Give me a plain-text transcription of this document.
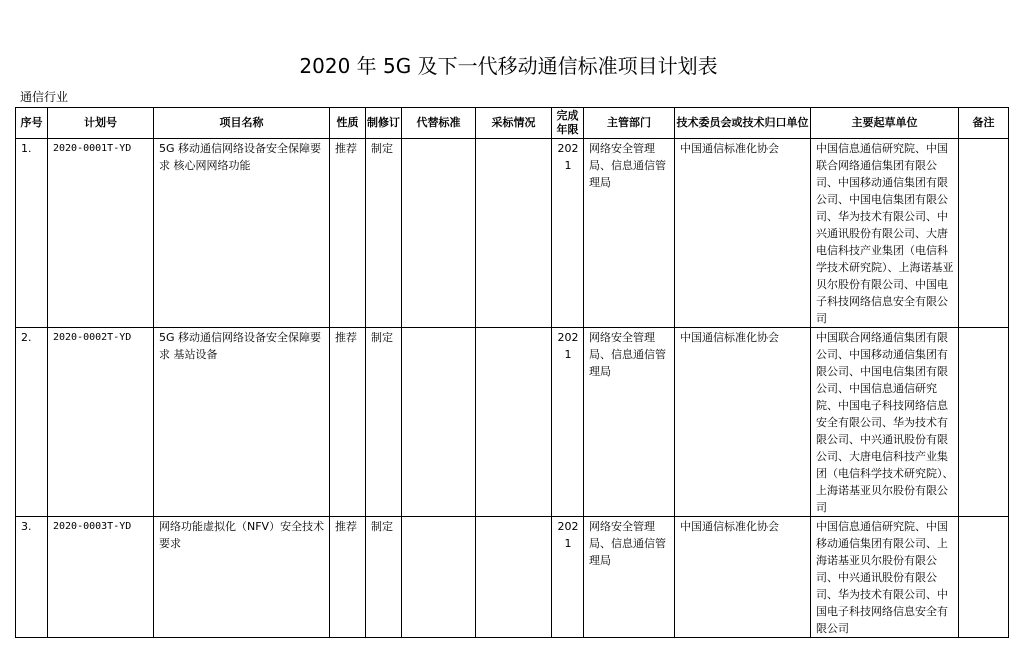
2020 年 5G 及下一代移动通信标准项目计划表
通信行业
序号	计划号	项目名称	性质	制修订	代替标准	采标情况	完成年限	主管部门	技术委员会或技术归口单位	主要起草单位	备注

1.	2020-0001T-YD	5G 移动通信网络设备安全保障要求 核心网网络功能	推荐	制定			2021	网络安全管理局、信息通信管理局	中国通信标准化协会	中国信息通信研究院、中国联合网络通信集团有限公司、中国移动通信集团有限公司、中国电信集团有限公司、华为技术有限公司、中兴通讯股份有限公司、大唐电信科技产业集团（电信科学技术研究院）、上海诺基亚贝尔股份有限公司、中国电子科技网络信息安全有限公司	

2.	2020-0002T-YD	5G 移动通信网络设备安全保障要求 基站设备	推荐	制定			2021	网络安全管理局、信息通信管理局	中国通信标准化协会	中国联合网络通信集团有限公司、中国移动通信集团有限公司、中国电信集团有限公司、中国信息通信研究院、中国电子科技网络信息安全有限公司、华为技术有限公司、中兴通讯股份有限公司、大唐电信科技产业集团（电信科学技术研究院）、上海诺基亚贝尔股份有限公司	

3.	2020-0003T-YD	网络功能虚拟化（NFV）安全技术要求	推荐	制定			2021	网络安全管理局、信息通信管理局	中国通信标准化协会	中国信息通信研究院、中国移动通信集团有限公司、上海诺基亚贝尔股份有限公司、中兴通讯股份有限公司、华为技术有限公司、中国电子科技网络信息安全有限公司	
